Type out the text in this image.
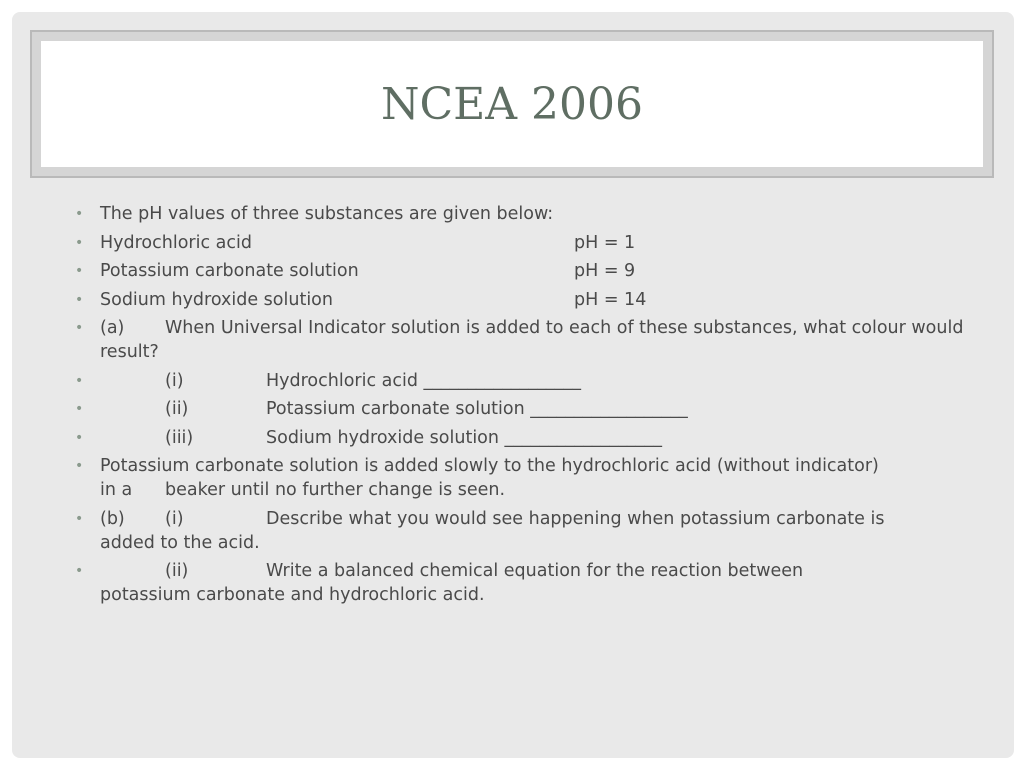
NCEA 2006
• The pH values of three substances are given below:
• Hydrochloric acid	pH = 1
• Potassium carbonate solution	pH = 9
• Sodium hydroxide solution	pH = 14
• (a) When Universal Indicator solution is added to each of these substances, what colour would result?
•	(i)	Hydrochloric acid __________________
•	(ii)	Potassium carbonate solution __________________
•	(iii)	Sodium hydroxide solution __________________
• Potassium carbonate solution is added slowly to the hydrochloric acid (without indicator)
in a beaker until no further change is seen.
• (b) (i)	Describe what you would see happening when potassium carbonate is
added to the acid.
•	(ii)	Write a balanced chemical equation for the reaction between
potassium carbonate and hydrochloric acid.
